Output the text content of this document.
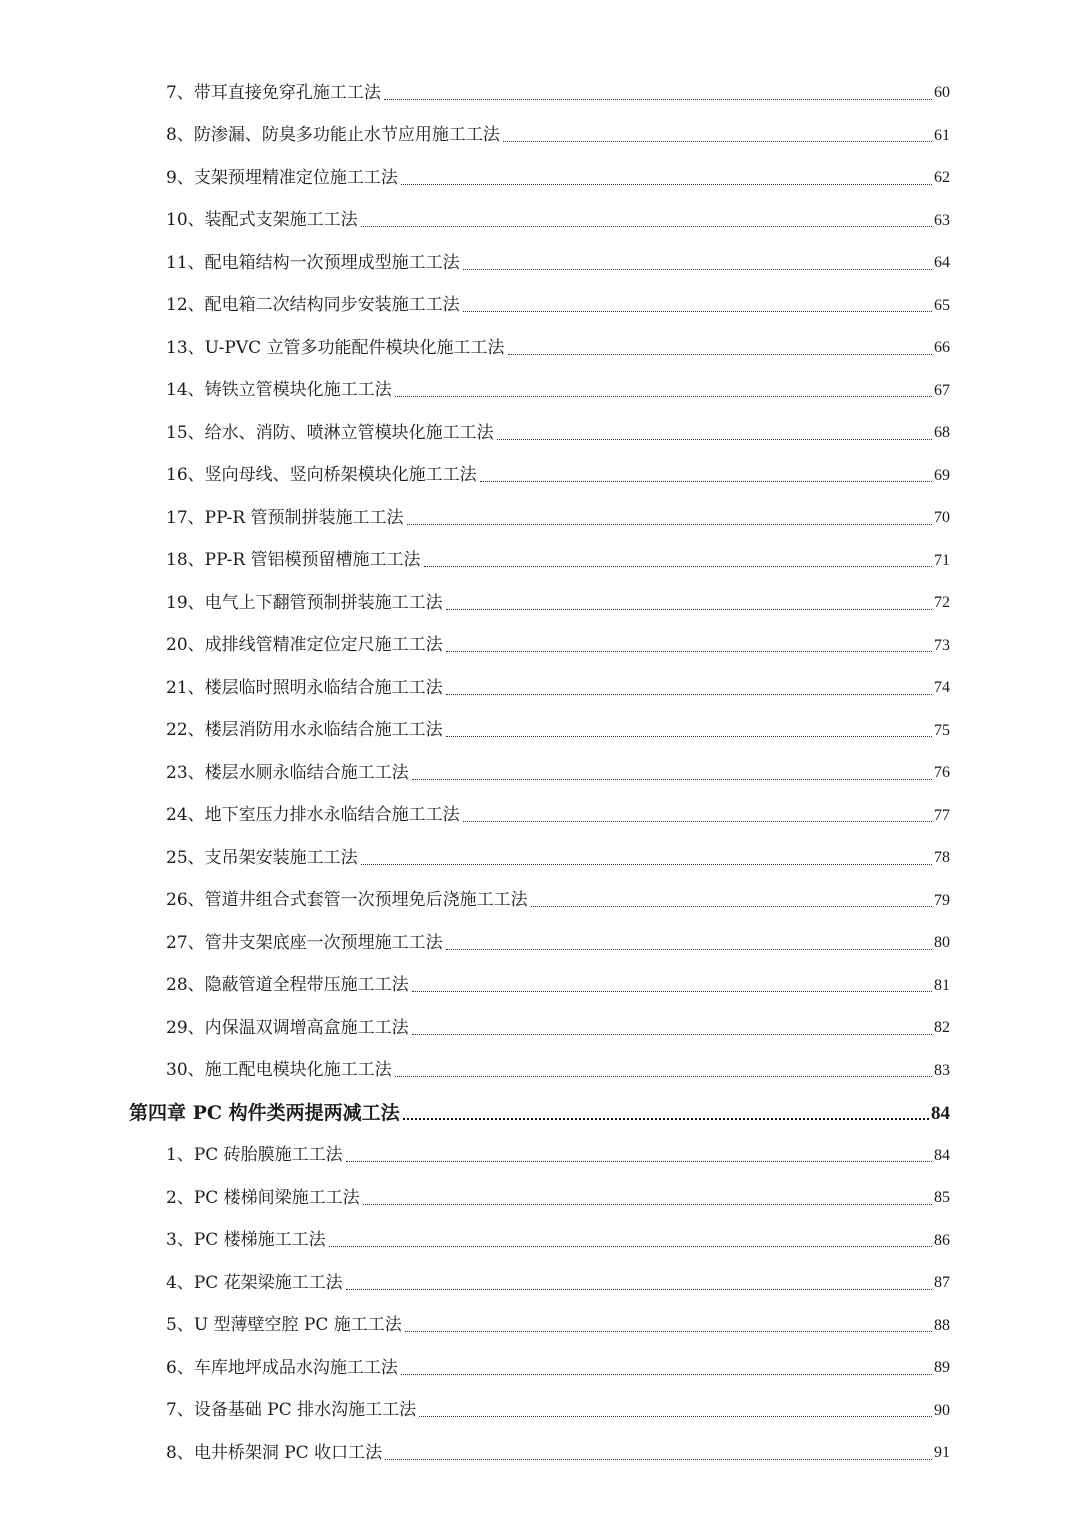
7、带耳直接免穿孔施工工法	60
8、防渗漏、防臭多功能止水节应用施工工法	61
9、支架预埋精准定位施工工法	62
10、装配式支架施工工法	63
11、配电箱结构一次预埋成型施工工法	64
12、配电箱二次结构同步安装施工工法	65
13、U-PVC 立管多功能配件模块化施工工法	66
14、铸铁立管模块化施工工法	67
15、给水、消防、喷淋立管模块化施工工法	68
16、竖向母线、竖向桥架模块化施工工法	69
17、PP-R 管预制拼装施工工法	70
18、PP-R 管铝模预留槽施工工法	71
19、电气上下翻管预制拼装施工工法	72
20、成排线管精准定位定尺施工工法	73
21、楼层临时照明永临结合施工工法	74
22、楼层消防用水永临结合施工工法	75
23、楼层水厕永临结合施工工法	76
24、地下室压力排水永临结合施工工法	77
25、支吊架安装施工工法	78
26、管道井组合式套管一次预埋免后浇施工工法	79
27、管井支架底座一次预埋施工工法	80
28、隐蔽管道全程带压施工工法	81
29、内保温双调增高盒施工工法	82
30、施工配电模块化施工工法	83
第四章 PC 构件类两提两减工法	84
1、PC 砖胎膜施工工法	84
2、PC 楼梯间梁施工工法	85
3、PC 楼梯施工工法	86
4、PC 花架梁施工工法	87
5、U 型薄壁空腔 PC 施工工法	88
6、车库地坪成品水沟施工工法	89
7、设备基础 PC 排水沟施工工法	90
8、电井桥架洞 PC 收口工法	91
